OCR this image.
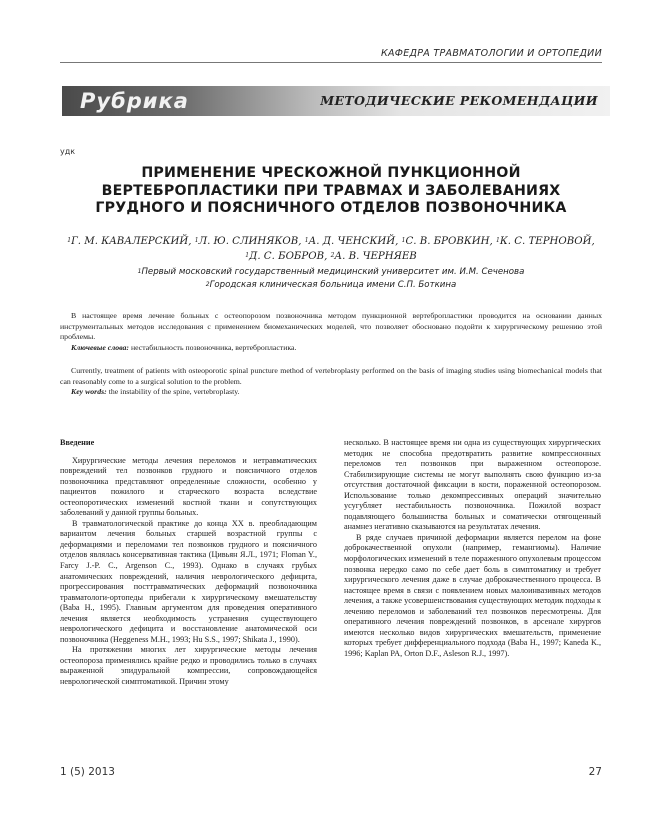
КАФЕДРА ТРАВМАТОЛОГИИ И ОРТОПЕДИИ
Рубрика	МЕТОДИЧЕСКИЕ РЕКОМЕНДАЦИИ
удк
ПРИМЕНЕНИЕ ЧРЕСКОЖНОЙ ПУНКЦИОННОЙ
ВЕРТЕБРОПЛАСТИКИ ПРИ ТРАВМАХ И ЗАБОЛЕВАНИЯХ
ГРУДНОГО И ПОЯСНИЧНОГО ОТДЕЛОВ ПОЗВОНОЧНИКА
$^1$Г. М. КАВАЛЕРСКИЙ, $^1$Л. Ю. СЛИНЯКОВ, $^1$А. Д. ЧЕНСКИЙ, $^1$С. В. БРОВКИН, $^1$К. С. ТЕРНОВОЙ,
$^1$Д. С. БОБРОВ, $^2$А. В. ЧЕРНЯЕВ
$^1$Первый московский государственный медицинский университет им. И.М. Сеченова
$^2$Городская клиническая больница имени С.П. Боткина

В настоящее время лечение больных с остеопорозом позвоночника методом пункционной вертебропластики проводится на основании данных инструментальных методов исследования с применением биомеханических моделей, что позволяет обосновано подойти к хирургическому решению этой проблемы.

Ключевые слова: нестабильность позвоночника, вертебропластика.

Currently, treatment of patients with osteoporotic spinal puncture method of vertebroplasty performed on the basis of imaging studies using biomechanical models that can reasonably come to a surgical solution to the problem.

Key words: the instability of the spine, vertebroplasty.

Введение

Хирургические методы лечения переломов и нетравматических повреждений тел позвонков грудного и поясничного отделов позвоночника представляют определенные сложности, особенно у пациентов пожилого и старческого возраста вследствие остеопоротических изменений костной ткани и сопутствующих заболеваний у данной группы больных.

В травматологической практике до конца XX в. преобладающим вариантом лечения больных старшей возрастной группы с деформациями и переломами тел позвонков грудного и поясничного отделов являлась консервативная тактика (Цивьян Я.Л., 1971; Floman Y., Farcy J.-P. C., Argenson C., 1993). Однако в случаях грубых анатомических повреждений, наличия неврологического дефицита, прогрессирования посттравматических деформаций позвоночника травматологи-ортопеды прибегали к хирургическому вмешательству (Baba H., 1995). Главным аргументом для проведения оперативного лечения является необходимость устранения существующего неврологического дефицита и восстановление анатомической оси позвоночника (Heggeness M.H., 1993; Hu S.S., 1997; Shikata J., 1990).

На протяжении многих лет хирургические методы лечения остеопороза применялись крайне редко и проводились только в случаях выраженной эпидуральной компрессии, сопровождающейся неврологической симптоматикой. Причин этому

несколько. В настоящее время ни одна из существующих хирургических методик не способна предотвратить развитие компрессионных переломов тел позвонков при выраженном остеопорозе. Стабилизирующие системы не могут выполнять свою функцию из-за отсутствия достаточной фиксации в кости, пораженной остеопорозом. Использование только декомпрессивных операций значительно усугубляет нестабильность позвоночника. Пожилой возраст подавляющего большинства больных и соматически отягощенный анамнез негативно сказываются на результатах лечения.

В ряде случаев причиной деформации является перелом на фоне доброкачественной опухоли (например, гемангиомы). Наличие морфологических изменений в теле пораженного опухолевым процессом позвонка нередко само по себе дает боль в симптоматику и требует хирургического лечения даже в случае доброкачественного процесса. В настоящее время в связи с появлением новых малоинвазивных методов лечения, а также усовершенствования существующих методик подходы к лечению переломов и заболеваний тел позвонков пересмотрены. Для оперативного лечения повреждений позвонков, в арсенале хирургов имеются несколько видов хирургических вмешательств, применение которых требует дифференциального подхода (Baba H., 1997; Kaneda K., 1996; Kaplan PA, Orton D.F., Asleson R.J., 1997).

1 (5) 2013	27
